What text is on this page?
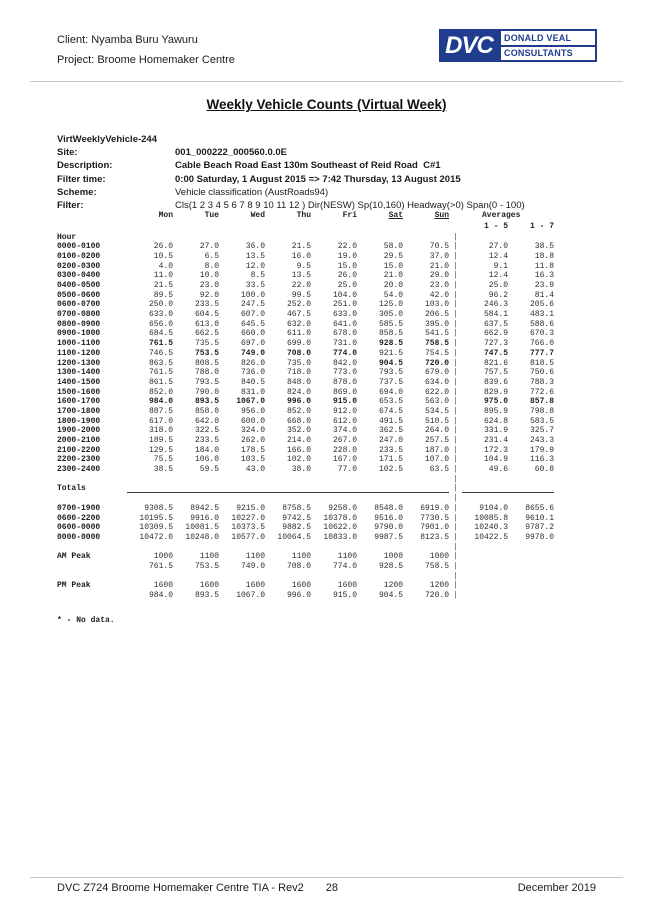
Client: Nyamba Buru Yawuru
Project: Broome Homemaker Centre
DVC	DONALD VEAL
CONSULTANTS
Weekly Vehicle Counts (Virtual Week)
VirtWeeklyVehicle-244
Site:	001_000222_000560.0.0E
Description:	Cable Beach Road East 130m Southeast of Reid Road  C#1
Filter time:	0:00 Saturday, 1 August 2015 => 7:42 Thursday, 13 August 2015
Scheme:	Vehicle classification (AustRoads94)
Filter:	Cls(1 2 3 4 5 6 7 8 9 10 11 12 ) Dir(NESW) Sp(10,160) Headway(>0) Span(0 - 100)
Mon	Tue	Wed	Thu	Fri	Sat	Sun	Averages
1 - 5	1 - 7
Hour	|
0000-0100	26.0	27.0	36.0	21.5	22.0	58.0	70.5 |	27.0	38.5
0100-0200	10.5	6.5	13.5	16.0	19.0	29.5	37.0 |	12.4	18.8
0200-0300	4.0	8.0	12.0	9.5	15.0	15.0	21.0 |	9.1	11.8
0300-0400	11.0	10.0	8.5	13.5	26.0	21.0	29.0 |	12.4	16.3
0400-0500	21.5	23.0	33.5	22.0	25.0	20.0	23.0 |	25.0	23.9
0500-0600	89.5	92.0	100.0	99.5	104.0	54.0	42.0 |	96.2	81.4
0600-0700	250.0	233.5	247.5	252.0	251.0	125.0	103.0 |	246.3	205.6
0700-0800	633.0	604.5	607.0	467.5	633.0	305.0	206.5 |	584.1	483.1
0800-0900	656.0	613.0	645.5	632.0	641.0	585.5	395.0 |	637.5	588.6
0900-1000	684.5	662.5	660.0	611.0	678.0	858.5	541.5 |	662.9	670.3
1000-1100	761.5	735.5	697.0	699.0	731.0	928.5	758.5 |	727.3	766.0
1100-1200	746.5	753.5	749.0	708.0	774.0	921.5	754.5 |	747.5	777.7
1200-1300	863.5	808.5	826.0	735.0	842.0	904.5	720.0 |	821.6	818.5
1300-1400	761.5	788.0	736.0	718.0	773.0	793.5	679.0 |	757.5	750.6
1400-1500	861.5	793.5	840.5	848.0	878.0	737.5	634.0 |	839.6	788.3
1500-1600	852.0	790.0	831.0	824.0	869.0	694.0	622.0 |	829.9	772.6
1600-1700	984.0	893.5	1067.0	996.0	915.0	653.5	563.0 |	975.0	857.8
1700-1800	887.5	858.0	956.0	852.0	912.0	674.5	534.5 |	895.9	798.8
1800-1900	617.0	642.0	600.0	668.0	612.0	491.5	510.5 |	624.8	583.5
1900-2000	318.0	322.5	324.0	352.0	374.0	362.5	264.0 |	331.9	325.7
2000-2100	189.5	233.5	262.0	214.0	267.0	247.0	257.5 |	231.4	243.3
2100-2200	129.5	184.0	178.5	166.0	228.0	233.5	187.0 |	172.3	179.9
2200-2300	75.5	106.0	103.5	102.0	167.0	171.5	107.0 |	104.9	116.3
2300-2400	38.5	59.5	43.0	38.0	77.0	102.5	63.5 |	49.6	60.8
|
Totals	|
|
0700-1900	9308.5	8942.5	9215.0	8758.5	9258.0	8548.0	6919.0 |	9104.0	8655.6
0600-2200	10195.5	9916.0	10227.0	9742.5	10378.0	9516.0	7730.5 |	10085.8	9610.1
0600-0000	10309.5	10081.5	10373.5	9882.5	10622.0	9790.0	7901.0 |	10240.3	9787.2
0000-0000	10472.0	10248.0	10577.0	10064.5	10833.0	9987.5	8123.5 |	10422.5	9978.0
|
AM Peak	1000	1100	1100	1100	1100	1000	1000 |
761.5	753.5	749.0	708.0	774.0	928.5	758.5 |
|
PM Peak	1600	1600	1600	1600	1600	1200	1200 |
984.0	893.5	1067.0	996.0	915.0	904.5	720.0 |
* - No data.
DVC Z724 Broome Homemaker Centre TIA - Rev2 28	December 2019
